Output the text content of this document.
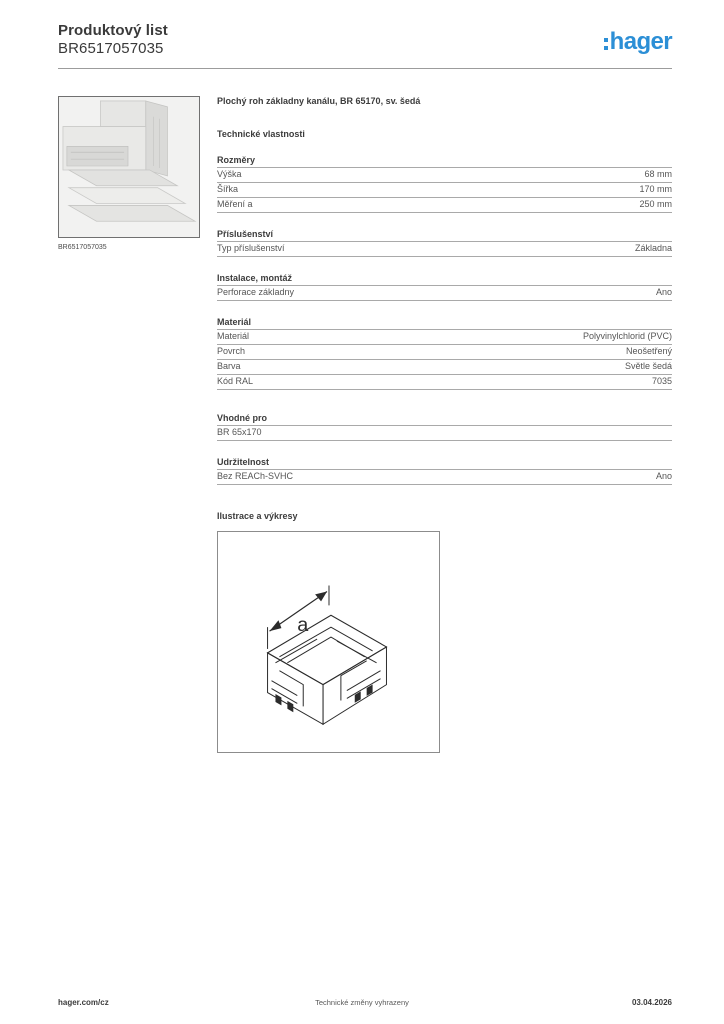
Produktový list
BR6517057035	hager
BR6517057035
Plochý roh základny kanálu, BR 65170, sv. šedá
Technické vlastnosti
Rozměry
Výška	68 mm
Šířka	170 mm
Měření a	250 mm
Příslušenství
Typ příslušenství	Základna
Instalace, montáž
Perforace základny	Ano
Materiál
Materiál	Polyvinylchlorid (PVC)
Povrch	Neošetřený
Barva	Světle šedá
Kód RAL	7035
Vhodné pro
BR 65x170
Udržitelnost
Bez REACh-SVHC	Ano
Ilustrace a výkresy
a
hager.com/cz	Technické změny vyhrazeny	03.04.2026
